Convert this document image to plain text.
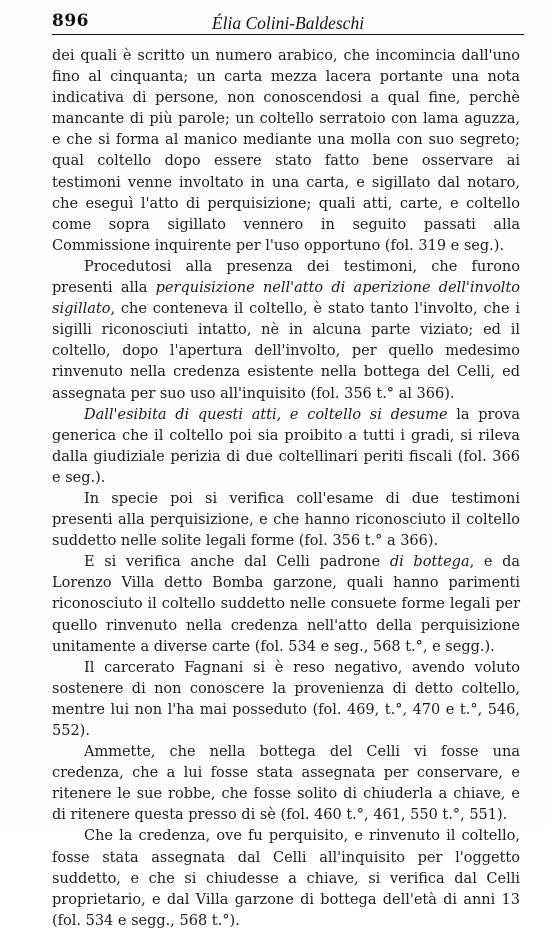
896	Élia Colini-Baldeschi

dei quali è scritto un numero arabico, che incomincia dall'uno fino al cinquanta; un carta mezza lacera portante una nota indicativa di persone, non conoscendosi a qual fine, perchè mancante di più parole; un coltello serratoio con lama aguzza, e che si forma al manico mediante una molla con suo segreto; qual coltello dopo essere stato fatto bene osservare ai testimoni venne involtato in una carta, e sigillato dal notaro, che eseguì l'atto di perquisizione; quali atti, carte, e coltello come sopra sigillato vennero in seguito passati alla Commissione inquirente per l'uso opportuno (fol. 319 e seg.).

Procedutosi alla presenza dei testimoni, che furono presenti alla perquisizione nell'atto di aperizione dell'involto sigillato, che conteneva il coltello, è stato tanto l'involto, che i sigilli riconosciuti intatto, nè in alcuna parte viziato; ed il coltello, dopo l'apertura dell'involto, per quello medesimo rinvenuto nella credenza esistente nella bottega del Celli, ed assegnata per suo uso all'inquisito (fol. 356 t.° al 366).

Dall'esibita di questi atti, e coltello si desume la prova generica che il coltello poi sia proibito a tutti i gradi, si rileva dalla giudiziale perizia di due coltellinari periti fiscali (fol. 366 e seg.).

In specie poi si verifica coll'esame di due testimoni presenti alla perquisizione, e che hanno riconosciuto il coltello suddetto nelle solite legali forme (fol. 356 t.° a 366).

E si verifica anche dal Celli padrone di bottega, e da Lorenzo Villa detto Bomba garzone, quali hanno parimenti riconosciuto il coltello suddetto nelle consuete forme legali per quello rinvenuto nella credenza nell'atto della perquisizione unitamente a diverse carte (fol. 534 e seg., 568 t.°, e segg.).

Il carcerato Fagnani si è reso negativo, avendo voluto sostenere di non conoscere la provenienza di detto coltello, mentre lui non l'ha mai posseduto (fol. 469, t.°, 470 e t.°, 546, 552).

Ammette, che nella bottega del Celli vi fosse una credenza, che a lui fosse stata assegnata per conservare, e ritenere le sue robbe, che fosse solito di chiuderla a chiave, e di ritenere questa presso di sè (fol. 460 t.°, 461, 550 t.°, 551).

Che la credenza, ove fu perquisito, e rinvenuto il coltello, fosse stata assegnata dal Celli all'inquisito per l'oggetto suddetto, e che si chiudesse a chiave, si verifica dal Celli proprietario, e dal Villa garzone di bottega dell'età di anni 13 (fol. 534 e segg., 568 t.°).
